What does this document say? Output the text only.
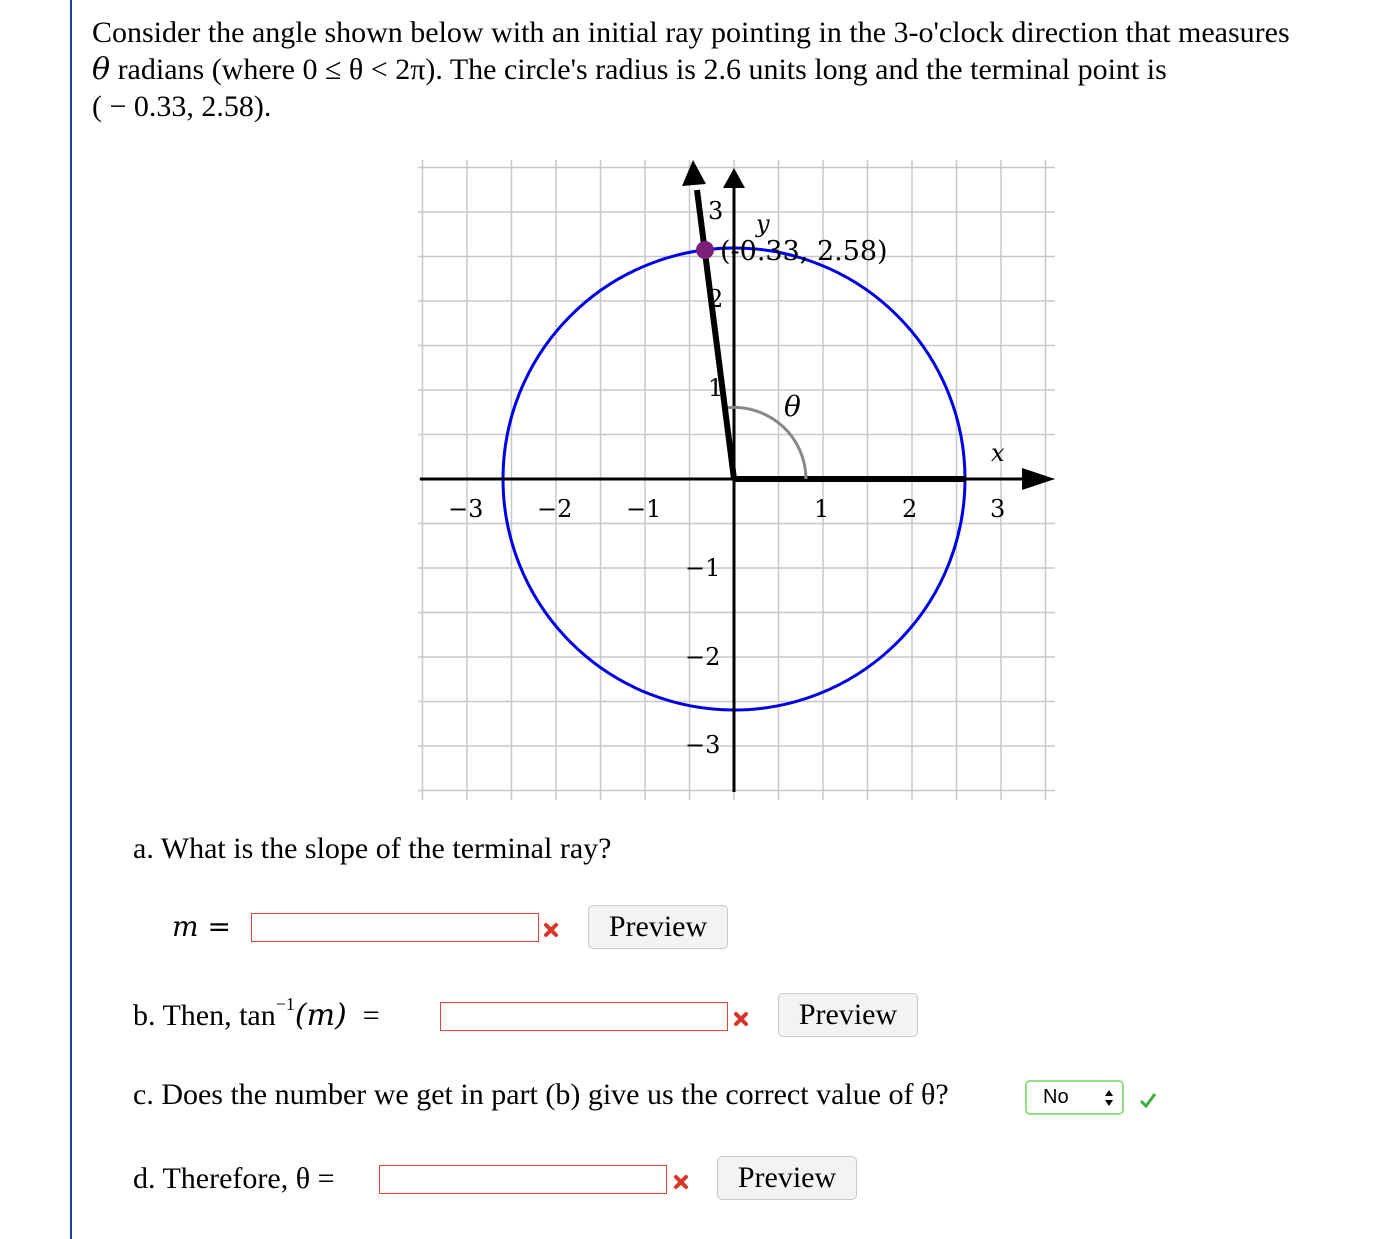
Consider the angle shown below with an initial ray pointing in the 3-o'clock direction that measures
θ radians (where 0 ≤ θ < 2π). The circle's radius is 2.6 units long and the terminal point is
( − 0.33, 2.58).
y
x
θ
(-0.33, 2.58)
−3 −2 −1	1	2	3
3
2
1
−1
−2
−3
a. What is the slope of the terminal ray?
m =	Preview
b. Then, $\tan^{-1}(m)$ =	Preview
c. Does the number we get in part (b) give us the correct value of θ?	No
d. Therefore, θ =	Preview
